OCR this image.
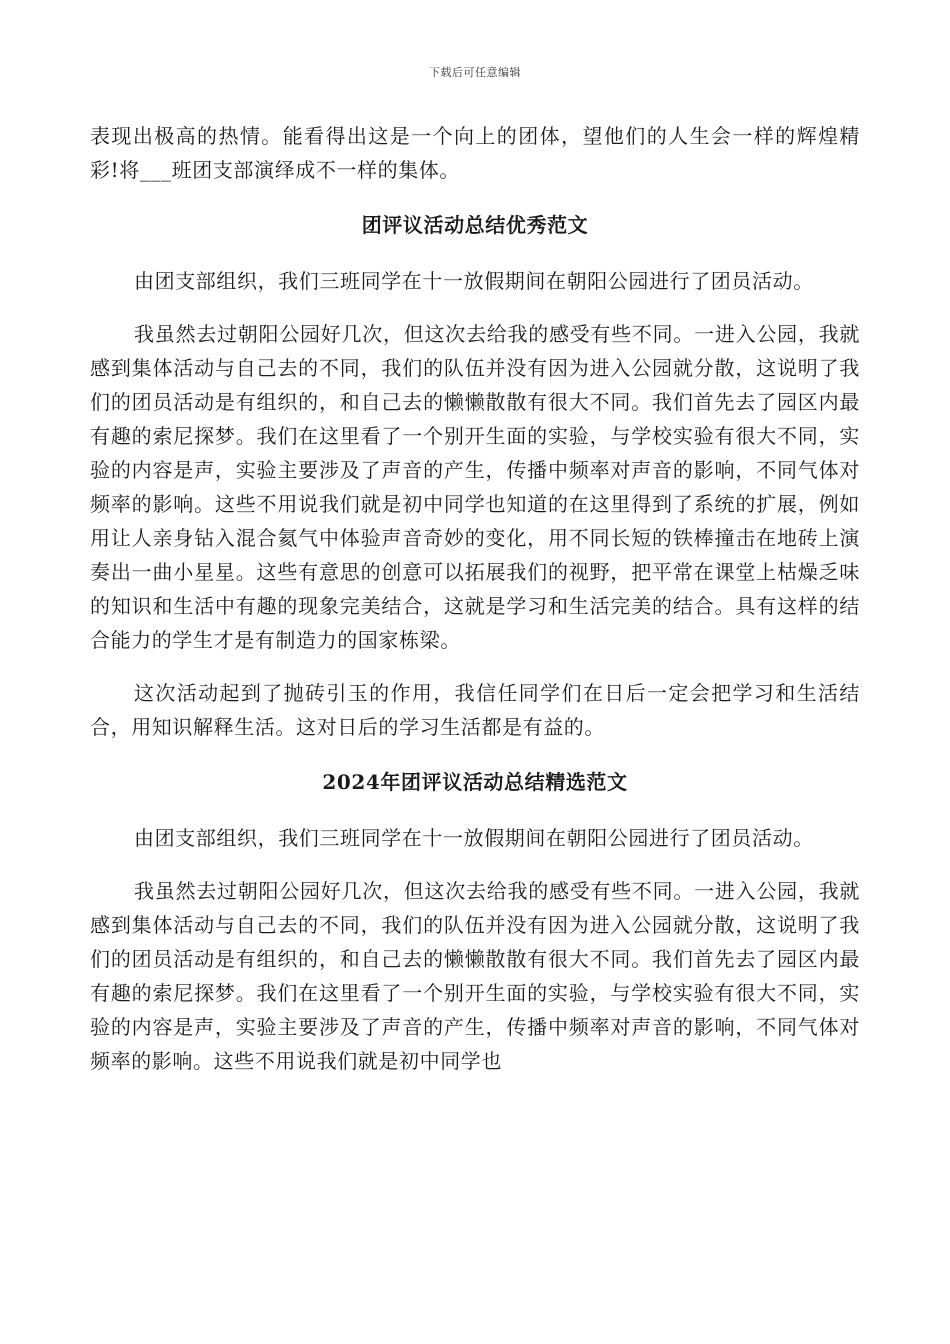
下载后可任意编辑

表现出极高的热情。能看得出这是一个向上的团体，望他们的人生会一样的辉煌精彩!将___班团支部演绎成不一样的集体。

团评议活动总结优秀范文

由团支部组织，我们三班同学在十一放假期间在朝阳公园进行了团员活动。

我虽然去过朝阳公园好几次，但这次去给我的感受有些不同。一进入公园，我就感到集体活动与自己去的不同，我们的队伍并没有因为进入公园就分散，这说明了我们的团员活动是有组织的，和自己去的懒懒散散有很大不同。我们首先去了园区内最有趣的索尼探梦。我们在这里看了一个别开生面的实验，与学校实验有很大不同，实验的内容是声，实验主要涉及了声音的产生，传播中频率对声音的影响，不同气体对频率的影响。这些不用说我们就是初中同学也知道的在这里得到了系统的扩展，例如用让人亲身钻入混合氦气中体验声音奇妙的变化，用不同长短的铁棒撞击在地砖上演奏出一曲小星星。这些有意思的创意可以拓展我们的视野，把平常在课堂上枯燥乏味的知识和生活中有趣的现象完美结合，这就是学习和生活完美的结合。具有这样的结合能力的学生才是有制造力的国家栋梁。

这次活动起到了抛砖引玉的作用，我信任同学们在日后一定会把学习和生活结合，用知识解释生活。这对日后的学习生活都是有益的。

2024年团评议活动总结精选范文

由团支部组织，我们三班同学在十一放假期间在朝阳公园进行了团员活动。

我虽然去过朝阳公园好几次，但这次去给我的感受有些不同。一进入公园，我就感到集体活动与自己去的不同，我们的队伍并没有因为进入公园就分散，这说明了我们的团员活动是有组织的，和自己去的懒懒散散有很大不同。我们首先去了园区内最有趣的索尼探梦。我们在这里看了一个别开生面的实验，与学校实验有很大不同，实验的内容是声，实验主要涉及了声音的产生，传播中频率对声音的影响，不同气体对频率的影响。这些不用说我们就是初中同学也
